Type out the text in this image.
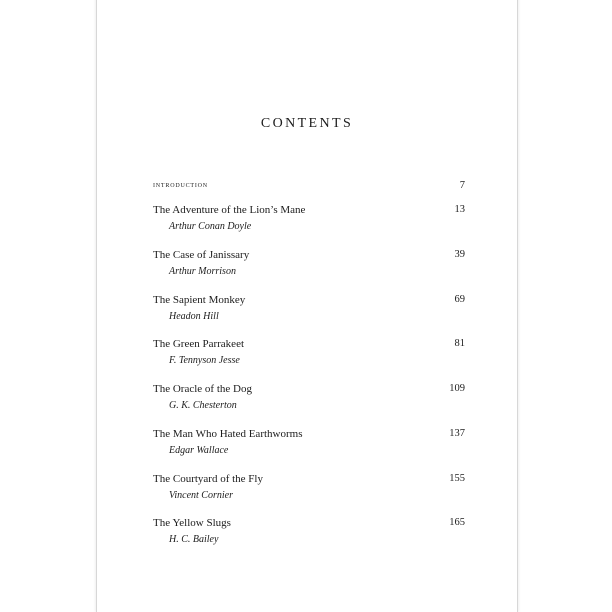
CONTENTS
introduction	7
The Adventure of the Lion’s Mane	13
Arthur Conan Doyle
The Case of Janissary	39
Arthur Morrison
The Sapient Monkey	69
Headon Hill
The Green Parrakeet	81
F. Tennyson Jesse
The Oracle of the Dog	109
G. K. Chesterton
The Man Who Hated Earthworms	137
Edgar Wallace
The Courtyard of the Fly	155
Vincent Cornier
The Yellow Slugs	165
H. C. Bailey
